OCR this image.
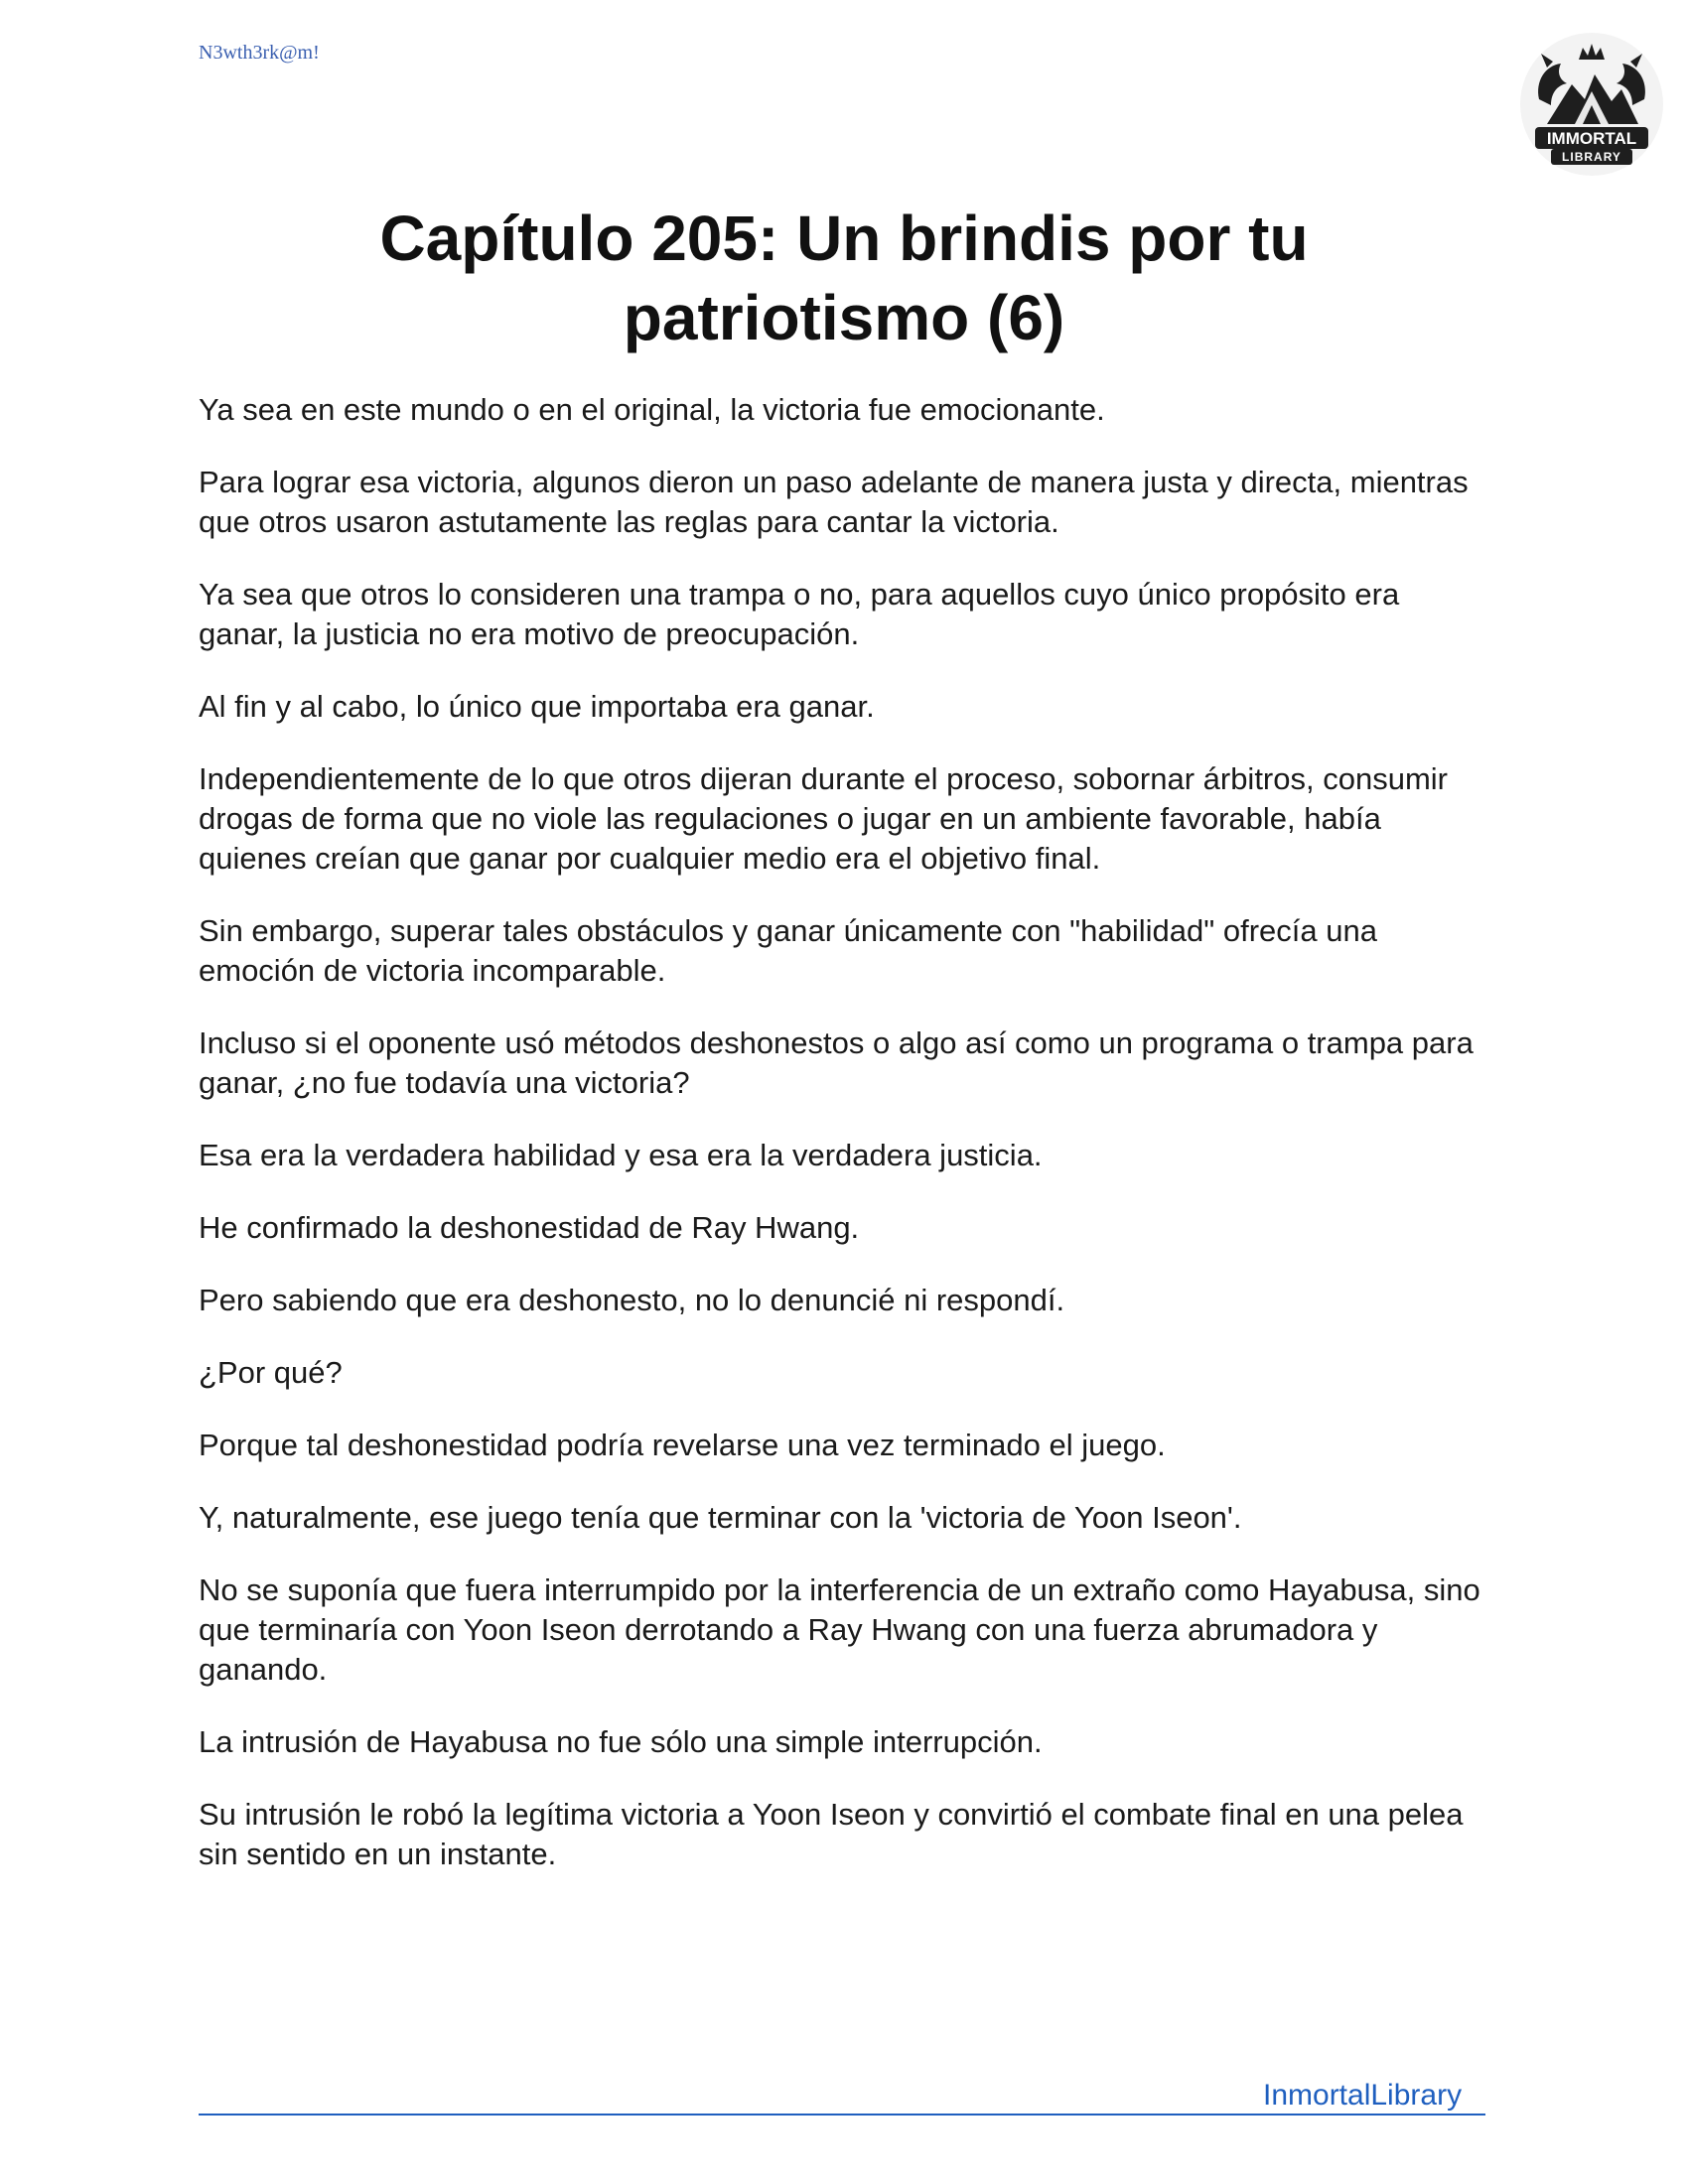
N3wth3rk@m!
IMMORTAL
LIBRARY
Capítulo 205: Un brindis por tu
patriotismo (6)

Ya sea en este mundo o en el original, la victoria fue emocionante.

Para lograr esa victoria, algunos dieron un paso adelante de manera justa y directa, mientras que otros usaron astutamente las reglas para cantar la victoria.

Ya sea que otros lo consideren una trampa o no, para aquellos cuyo único propósito era ganar, la justicia no era motivo de preocupación.

Al fin y al cabo, lo único que importaba era ganar.

Independientemente de lo que otros dijeran durante el proceso, sobornar árbitros, consumir drogas de forma que no viole las regulaciones o jugar en un ambiente favorable, había quienes creían que ganar por cualquier medio era el objetivo final.

Sin embargo, superar tales obstáculos y ganar únicamente con "habilidad" ofrecía una emoción de victoria incomparable.

Incluso si el oponente usó métodos deshonestos o algo así como un programa o trampa para ganar, ¿no fue todavía una victoria?

Esa era la verdadera habilidad y esa era la verdadera justicia.

He confirmado la deshonestidad de Ray Hwang.

Pero sabiendo que era deshonesto, no lo denuncié ni respondí.

¿Por qué?

Porque tal deshonestidad podría revelarse una vez terminado el juego.

Y, naturalmente, ese juego tenía que terminar con la 'victoria de Yoon Iseon'.

No se suponía que fuera interrumpido por la interferencia de un extraño como Hayabusa, sino que terminaría con Yoon Iseon derrotando a Ray Hwang con una fuerza abrumadora y ganando.

La intrusión de Hayabusa no fue sólo una simple interrupción.

Su intrusión le robó la legítima victoria a Yoon Iseon y convirtió el combate final en una pelea sin sentido en un instante.

InmortalLibrary
